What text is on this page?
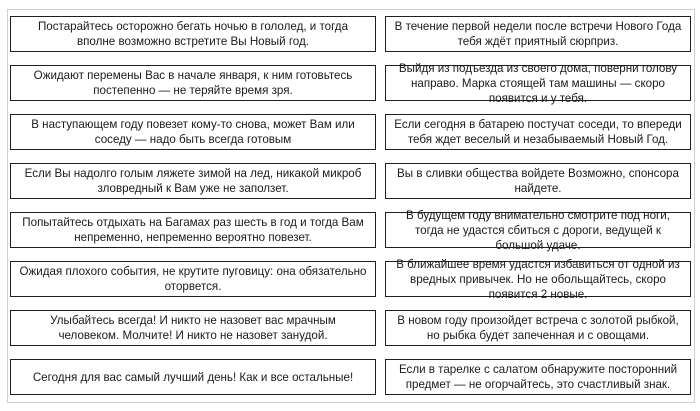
Постарайтесь осторожно бегать ночью в гололед, и тогда вполне возможно встретите Вы Новый год.
В течение первой недели после встречи Нового Года тебя ждёт приятный сюрприз.
Ожидают перемены Вас в начале января, к ним готовьтесь постепенно — не теряйте время зря.
Выйдя из подъезда из своего дома, поверни голову направо. Марка стоящей там машины — скоро появится и у тебя.
В наступающем году повезет кому-то снова, может Вам или соседу — надо быть всегда готовым
Если сегодня в батарею постучат соседи, то впереди тебя ждет веселый и незабываемый Новый Год.
Если Вы надолго голым ляжете зимой на лед, никакой микроб зловредный к Вам уже не заползет.
Вы в сливки общества войдете Возможно, спонсора найдете.
Попытайтесь отдыхать на Багамах раз шесть в год и тогда Вам непременно, непременно вероятно повезет.
В будущем году внимательно смотрите под ноги, тогда не удастся сбиться с дороги, ведущей к большой удаче.
Ожидая плохого события, не крутите пуговицу: она обязательно оторвется.
В ближайшее время удастся избавиться от одной из вредных привычек. Но не обольщайтесь, скоро появится 2 новые.
Улыбайтесь всегда! И никто не назовет вас мрачным человеком. Молчите! И никто не назовет занудой.
В новом году произойдет встреча с золотой рыбкой, но рыбка будет запеченная и с овощами.
Сегодня для вас самый лучший день! Как и все остальные!
Если в тарелке с салатом обнаружите посторонний предмет — не огорчайтесь, это счастливый знак.
